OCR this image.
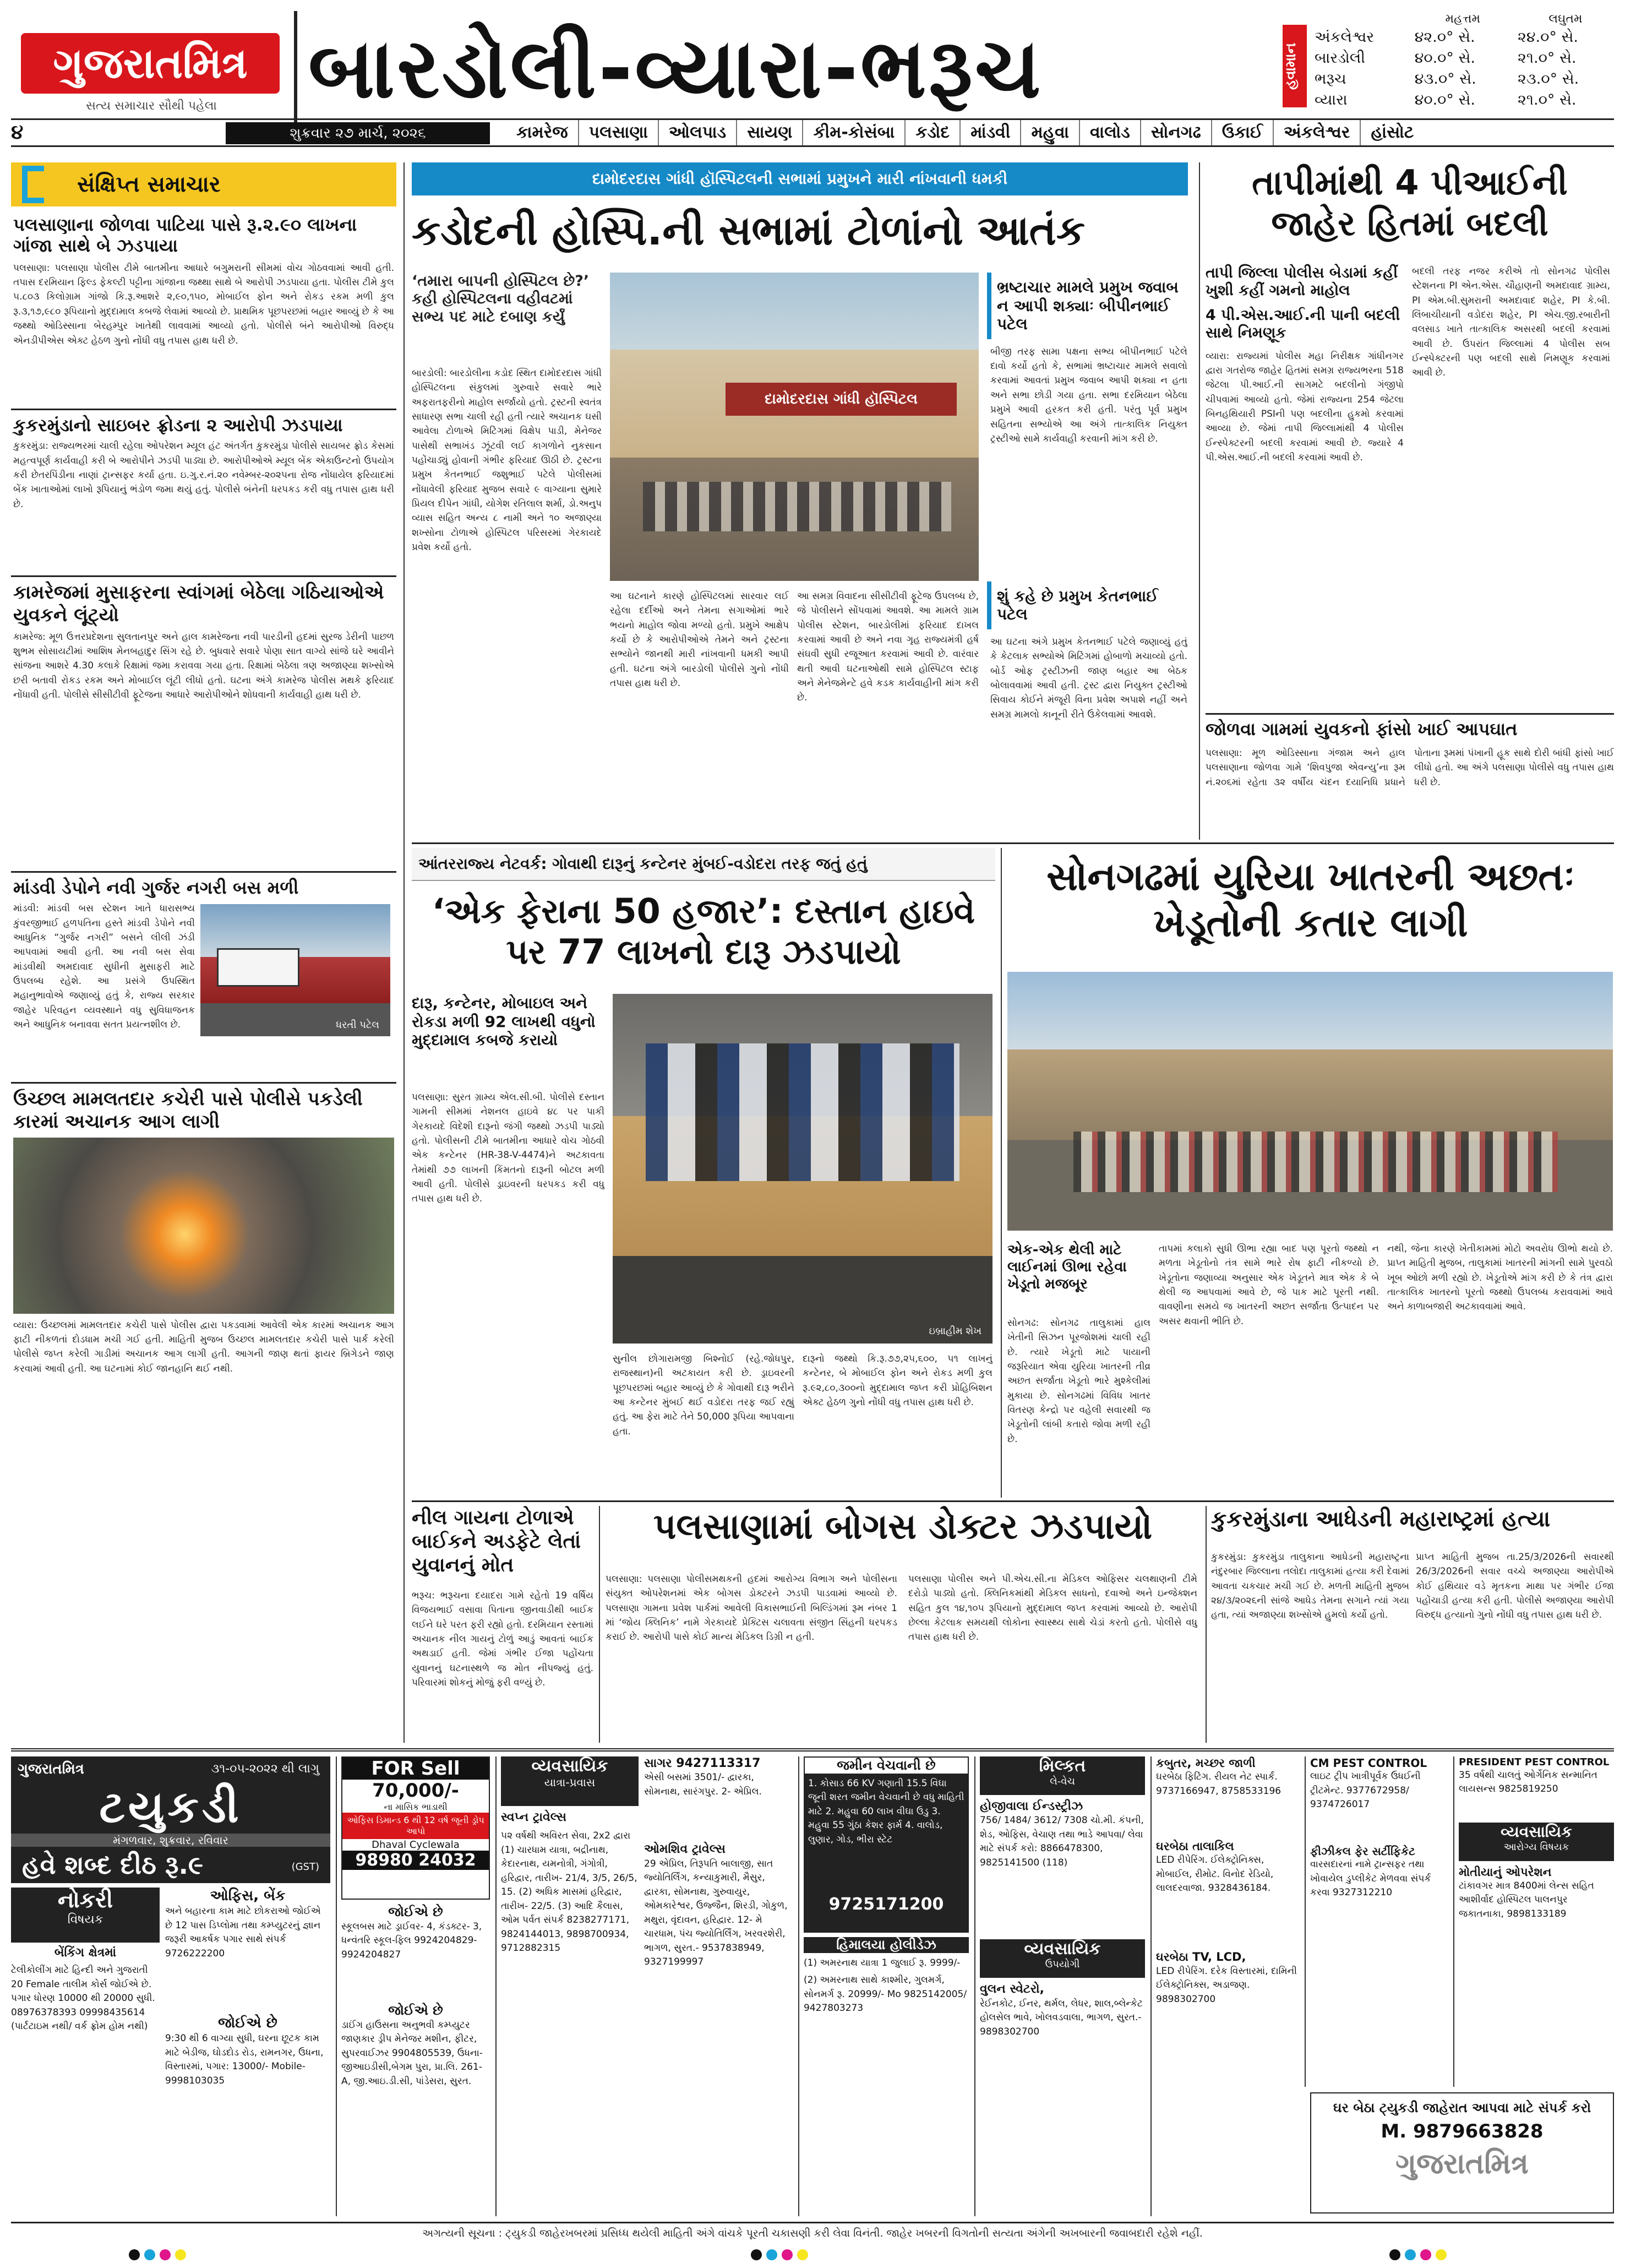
ગુજરાતમિત્ર
સત્ય સમાચાર સૌથી પહેલા	બારડોલી-વ્યારા-ભરૂચ	હવામાન
	મહત્તમ	લઘુતમ
અંકલેશ્વર	૪૨.૦° સે.	૨૪.૦° સે.
બારડોલી	૪૦.૦° સે.	૨૧.૦° સે.
ભરૂચ	૪૩.૦° સે.	૨૩.૦° સે.
વ્યારા	૪૦.૦° સે.	૨૧.૦° સે.
૪	શુક્રવાર ૨૭ માર્ચ, ૨૦૨૬	કામરેજ	પલસાણા	ઓલપાડ	સાયણ	કીમ-કોસંબા	કડોદ	માંડવી	મહુવા	વાલોડ	સોનગઢ	ઉકાઈ	અંકલેશ્વર	હાંસોટ
સંક્ષિપ્ત સમાચાર
પલસાણાના જોળવા પાટિયા પાસે રૂ.૨.૯૦ લાખના ગાંજા સાથે બે ઝડપાયા
પલસાણા: પલસાણા પોલીસ ટીમે બાતમીના આધારે બગુમરાની સીમમાં વોચ ગોઠવવામાં આવી હતી. તપાસ દરમિયાન ફિલ્ડ ફેકલ્ટી પટ્ટીના ગાંજાના જથ્થા સાથે બે આરોપી ઝડપાયા હતા. પોલીસ ટીમે કુલ ૫.૮૦૩ કિલોગ્રામ ગાંજો કિ.રૂ.આશરે ૨,૯૦,૧૫૦, મોબાઈલ ફોન અને રોકડ રકમ મળી કુલ રૂ.૩,૧૭,૯૮૦ રૂપિયાનો મુદ્દામાલ કબજે લેવામાં આવ્યો છે. પ્રાથમિક પૂછપરછમાં બહાર આવ્યું છે કે આ જથ્થો ઓડિસ્સાના બેરહમ્પુર ખાતેથી લાવવામાં આવ્યો હતો. પોલીસે બંને આરોપીઓ વિરુદ્ધ એનડીપીએસ એક્ટ હેઠળ ગુનો નોંધી વધુ તપાસ હાથ ધરી છે.
કુકરમુંડાનો સાઇબર ફ્રોડના ૨ આરોપી ઝડપાયા
કુકરમુંડા: રાજ્યભરમાં ચાલી રહેલા ઓપરેશન મ્યૂલ હંટ અંતર્ગત કુકરમુંડા પોલીસે સાયબર ફ્રોડ કેસમાં મહત્વપૂર્ણ કાર્યવાહી કરી બે આરોપીને ઝડપી પાડ્યા છે. આરોપીઓએ મ્યૂલ બેંક એકાઉન્ટનો ઉપયોગ કરી છેતરપિંડીના નાણાં ટ્રાન્સફર કર્યા હતા. ઇ.ગુ.ર.નં.૨૦ નવેમ્બર-૨૦૨૫ના રોજ નોંધાયેલ ફરિયાદમાં બેંક ખાતાઓમાં લાખો રૂપિયાનું ભંડોળ જમા થયું હતું. પોલીસે બંનેની ધરપકડ કરી વધુ તપાસ હાથ ધરી છે.
કામરેજમાં મુસાફરના સ્વાંગમાં બેઠેલા ગઠિયાઓએ યુવકને લૂંટ્યો
કામરેજ: મૂળ ઉત્તરપ્રદેશના સુલતાનપુર અને હાલ કામરેજના નવી પારડીની હદમાં સુરજ ડેરીની પાછળ શુભમ સોસાયટીમાં આશિષ મેનબહાદુર સિંગ રહે છે. બુધવારે સવારે પોણા સાત વાગ્યે સાંજે ઘરે આવીને સાંજના આશરે 4.30 કલાકે રિક્ષામાં જમા કરાવવા ગયા હતા. રિક્ષામાં બેઠેલા ત્રણ અજાણ્યા શખ્સોએ છરી બતાવી રોકડ રકમ અને મોબાઈલ લૂંટી લીધો હતો. ઘટના અંગે કામરેજ પોલીસ મથકે ફરિયાદ નોંધાવી હતી. પોલીસે સીસીટીવી ફૂટેજના આધારે આરોપીઓને શોધવાની કાર્યવાહી હાથ ધરી છે.
માંડવી ડેપોને નવી ગુર્જર નગરી બસ મળી
માંડવી: માંડવી બસ સ્ટેશન ખાતે ધારાસભ્ય કુંવરજીભાઈ હળપતિના હસ્તે માંડવી ડેપોને નવી આધુનિક “ગુર્જર નગરી” બસને લીલી ઝંડી આપવામાં આવી હતી. આ નવી બસ સેવા માંડવીથી અમદાવાદ સુધીની મુસાફરી માટે ઉપલબ્ધ રહેશે. આ પ્રસંગે ઉપસ્થિત મહાનુભાવોએ જણાવ્યું હતું કે, રાજ્ય સરકાર જાહેર પરિવહન વ્યવસ્થાને વધુ સુવિધાજનક અને આધુનિક બનાવવા સતત પ્રયત્નશીલ છે.	ધરતી પટેલ
ઉચ્છલ મામલતદાર કચેરી પાસે પોલીસે પકડેલી કારમાં અચાનક આગ લાગી
વ્યારા: ઉચ્છલમાં મામલતદાર કચેરી પાસે પોલીસ દ્વારા પકડવામાં આવેલી એક કારમાં અચાનક આગ ફાટી નીકળતાં દોડધામ મચી ગઈ હતી. માહિતી મુજબ ઉચ્છલ મામલતદાર કચેરી પાસે પાર્ક કરેલી પોલીસે જપ્ત કરેલી ગાડીમાં અચાનક આગ લાગી હતી. આગની જાણ થતાં ફાયર બ્રિગેડને જાણ કરવામાં આવી હતી. આ ઘટનામાં કોઈ જાનહાનિ થઈ નથી.
દામોદરદાસ ગાંધી હૉસ્પિટલની સભામાં પ્રમુખને મારી નાંખવાની ધમકી
કડોદની હોસ્પિ.ની સભામાં ટોળાંનો આતંક
‘તમારા બાપની હોસ્પિટલ છે?’ કહી હોસ્પિટલના વહીવટમાં સભ્ય પદ માટે દબાણ કર્યું
બારડોલી: બારડોલીના કડોદ સ્થિત દામોદરદાસ ગાંધી હોસ્પિટલના સંકુલમાં ગુરુવારે સવારે ભારે અફરાતફરીનો માહોલ સર્જાયો હતો. ટ્રસ્ટની સ્વતંત્ર સાધારણ સભા ચાલી રહી હતી ત્યારે અચાનક ઘસી આવેલા ટોળાએ મિટિંગમાં વિક્ષેપ પાડી, મેનેજર પાસેથી સભાખંડ ઝૂંટવી લઈ કાગળોને નુકસાન પહોંચાડ્યું હોવાની ગંભીર ફરિયાદ ઊઠી છે. ટ્રસ્ટના પ્રમુખ કેતનભાઈ જશુભાઈ પટેલે પોલીસમાં નોંધાવેલી ફરિયાદ મુજબ સવારે ૯ વાગ્યાના સુમારે પ્રિયલ દીપેન ગાંધી, યોગેશ રતિલાલ શર્મા, ડો.અનુપ વ્યાસ સહિત અન્ય ૮ નામી અને ૧૦ અજાણ્યા શખ્સોના ટોળાએ હોસ્પિટલ પરિસરમાં ગેરકાયદે પ્રવેશ કર્યો હતો.
દામોદરદાસ ગાંધી હૉસ્પિટલ
આ ઘટનાને કારણે હોસ્પિટલમાં સારવાર લઈ રહેલા દર્દીઓ અને તેમના સગાઓમાં ભારે ભયનો માહોલ જોવા મળ્યો હતો. પ્રમુખે આક્ષેપ કર્યો છે કે આરોપીઓએ તેમને અને ટ્રસ્ટના સભ્યોને જાનથી મારી નાંખવાની ધમકી આપી હતી. ઘટના અંગે બારડોલી પોલીસે ગુનો નોંધી તપાસ હાથ ધરી છે.
આ સમગ્ર વિવાદના સીસીટીવી ફૂટેજ ઉપલબ્ધ છે, જે પોલીસને સોંપવામાં આવશે. આ મામલે ગ્રામ પોલીસ સ્ટેશન, બારડોલીમાં ફરિયાદ દાખલ કરવામાં આવી છે અને નવા ગૃહ રાજ્યમંત્રી હર્ષ સંઘવી સુધી રજૂઆત કરવામાં આવી છે. વારંવાર થતી આવી ઘટનાઓથી સામે હોસ્પિટલ સ્ટાફ અને મેનેજમેન્ટે હવે કડક કાર્યવાહીની માંગ કરી છે.
ભ્રષ્ટાચાર મામલે પ્રમુખ જવાબ ન આપી શક્યાઃ બીપીનભાઈ પટેલ
બીજી તરફ સામા પક્ષના સભ્ય બીપીનભાઈ પટેલે દાવો કર્યો હતો કે, સભામાં ભ્રષ્ટાચાર મામલે સવાલો કરવામાં આવતાં પ્રમુખ જવાબ આપી શક્યા ન હતા અને સભા છોડી ગયા હતા. સભા દરમિયાન બેઠેલા પ્રમુખે આવી હરકત કરી હતી. પરંતુ પૂર્વ પ્રમુખ સહિતના સભ્યોએ આ અંગે તાત્કાલિક નિયુક્ત ટ્રસ્ટીઓ સામે કાર્યવાહી કરવાની માંગ કરી છે.
શું કહે છે પ્રમુખ કેતનભાઈ પટેલ
આ ઘટના અંગે પ્રમુખ કેતનભાઈ પટેલે જણાવ્યું હતું કે કેટલાક સભ્યોએ મિટિંગમાં હોબાળો મચાવ્યો હતો. બોર્ડ ઓફ ટ્રસ્ટીઝની જાણ બહાર આ બેઠક બોલાવવામાં આવી હતી. ટ્રસ્ટ દ્વારા નિયુક્ત ટ્રસ્ટીઓ સિવાય કોઈને મંજૂરી વિના પ્રવેશ અપાશે નહીં અને સમગ્ર મામલો કાનૂની રીતે ઉકેલવામાં આવશે.
તાપીમાંથી 4 પીઆઈની જાહેર હિતમાં બદલી
તાપી જિલ્લા પોલીસ બેડામાં કહીં ખુશી કહીં ગમનો માહોલ
4 પી.એસ.આઈ.ની પાની બદલી સાથે નિમણૂક
વ્યારા: રાજ્યમાં પોલીસ મહા નિરીક્ષક ગાંધીનગર દ્વારા ગતરોજ જાહેર હિતમાં સમગ્ર રાજ્યભરના 518 જેટલા પી.આઈ.ની સાગમટે બદલીનો ગંજીપો ચીપવામાં આવ્યો હતો. જેમાં રાજ્યના 254 જેટલા બિનહથિયારી PSIની પણ બદલીના હુકમો કરવામાં આવ્યા છે. જેમાં તાપી જિલ્લામાંથી 4 પોલીસ ઈન્સ્પેક્ટરની બદલી કરવામાં આવી છે. જ્યારે 4 પી.એસ.આઈ.ની બદલી કરવામાં આવી છે.
બદલી તરફ નજર કરીએ તો સોનગઢ પોલીસ સ્ટેશનના PI એન.એસ. ચૌહાણની અમદાવાદ ગ્રામ્ય, PI એમ.બી.સુમરાની અમદાવાદ શહેર, PI કે.બી. લિંબાચીયાની વડોદરા શહેર, PI એચ.જી.રબારીની વલસાડ ખાતે તાત્કાલિક અસરથી બદલી કરવામાં આવી છે. ઉપરાંત જિલ્લામાં 4 પોલીસ સબ ઈન્સ્પેક્ટરની પણ બદલી સાથે નિમણૂક કરવામાં આવી છે.
જોળવા ગામમાં યુવકનો ફાંસો ખાઈ આપઘાત
પલસાણા: મૂળ ઓડિસ્સાના ગંજામ અને હાલ પલસાણાના જોળવા ગામે ‘શિવપુજા એવન્યુ’ના રૂમ નં.૨૦૬માં રહેતા ૩૨ વર્ષીય ચંદન દયાનિધિ પ્રધાને પોતાના રૂમમાં પંખાની હૂક સાથે દોરી બાંધી ફાંસો ખાઈ લીધો હતો. આ અંગે પલસાણા પોલીસે વધુ તપાસ હાથ ધરી છે.
આંતરરાજ્ય નેટવર્ક: ગોવાથી દારૂનું કન્ટેનર મુંબઈ-વડોદરા તરફ જતું હતું
‘એક ફેરાના 50 હજાર’: દસ્તાન હાઇવે પર 77 લાખનો દારૂ ઝડપાયો
દારૂ, કન્ટેનર, મોબાઇલ અને રોકડા મળી 92 લાખથી વધુનો મુદ્દામાલ કબજે કરાયો
પલસાણા: સુરત ગ્રામ્ય એલ.સી.બી. પોલીસે દસ્તાન ગામની સીમમાં નેશનલ હાઇવે ૪૮ પર પાકી ગેરકાયદે વિદેશી દારૂનો જંગી જથ્થો ઝડપી પાડ્યો હતો. પોલીસની ટીમે બાતમીના આધારે વોચ ગોઠવી એક કન્ટેનર (HR-38-V-4474)ને અટકાવતા તેમાંથી ૭૭ લાખની કિંમતનો દારૂની બોટલ મળી આવી હતી. પોલીસે ડ્રાઇવરની ધરપકડ કરી વધુ તપાસ હાથ ધરી છે.
ઇબ્રાહીમ શેખ
સુનીલ છોગારામજી બિશ્નોઈ (રહે.જોધપુર, રાજસ્થાન)ની અટકાયત કરી છે. ડ્રાઇવરની પૂછપરછમાં બહાર આવ્યું છે કે ગોવાથી દારૂ ભરીને આ કન્ટેનર મુંબઈ થઈ વડોદરા તરફ જઈ રહ્યું હતું. આ ફેરા માટે તેને 50,000 રૂપિયા આપવાના હતા.
દારૂનો જથ્થો કિ.રૂ.૭૭,૨૫,૬૦૦, ૫૧ લાખનું કન્ટેનર, બે મોબાઈલ ફોન અને રોકડ મળી કુલ રૂ.૯૨,૮૦,૩૦૦નો મુદ્દામાલ જપ્ત કરી પ્રોહિબિશન એક્ટ હેઠળ ગુનો નોંધી વધુ તપાસ હાથ ધરી છે.
સોનગઢમાં યુરિયા ખાતરની અછતઃ ખેડૂતોની કતાર લાગી
એક-એક થેલી માટે લાઈનમાં ઊભા રહેવા ખેડૂતો મજબૂર
સોનગઢ: સોનગઢ તાલુકામાં હાલ ખેતીની સિઝન પૂરજોશમાં ચાલી રહી છે. ત્યારે ખેડૂતો માટે પાયાની જરૂરિયાત એવા યુરિયા ખાતરની તીવ્ર અછત સર્જાતા ખેડૂતો ભારે મુશ્કેલીમાં મુકાયા છે. સોનગઢમાં વિવિધ ખાતર વિતરણ કેન્દ્રો પર વહેલી સવારથી જ ખેડૂતોની લાંબી કતારો જોવા મળી રહી છે.
તાપમાં કલાકો સુધી ઊભા રહ્યા બાદ પણ પૂરતો જથ્થો ન મળતા ખેડૂતોનો તંત્ર સામે ભારે રોષ ફાટી નીકળ્યો છે. ખેડૂતોના જણાવ્યા અનુસાર એક ખેડૂતને માત્ર એક કે બે થેલી જ આપવામાં આવે છે, જે પાક માટે પૂરતી નથી. વાવણીના સમયે જ ખાતરની અછત સર્જાતા ઉત્પાદન પર અસર થવાની ભીતિ છે.
નથી, જેના કારણે ખેતીકામમાં મોટો અવરોધ ઊભો થયો છે. પ્રાપ્ત માહિતી મુજબ, તાલુકામાં ખાતરની માંગની સામે પુરવઠો ખૂબ ઓછો મળી રહ્યો છે. ખેડૂતોએ માંગ કરી છે કે તંત્ર દ્વારા તાત્કાલિક ખાતરનો પૂરતો જથ્થો ઉપલબ્ધ કરાવવામાં આવે અને કાળાબજારી અટકાવવામાં આવે.
નીલ ગાયના ટોળાએ બાઈકને અડફેટે લેતાં યુવાનનું મોત
ભરૂચ: ભરૂચના દયાદરા ગામે રહેતો 19 વર્ષિય વિજયભાઈ વસાવા પિતાના જીનવાડીથી બાઈક લઈને ઘરે પરત ફરી રહ્યો હતો. દરમિયાન રસ્તામાં અચાનક નીલ ગાયનું ટોળું આડું આવતાં બાઈક અથડાઈ હતી. જેમાં ગંભીર ઈજા પહોંચતા યુવાનનું ઘટનાસ્થળે જ મોત નીપજ્યું હતું. પરિવારમાં શોકનું મોજું ફરી વળ્યું છે.
પલસાણામાં બોગસ ડોક્ટર ઝડપાયો
પલસાણા: પલસાણા પોલીસમથકની હદમાં આરોગ્ય વિભાગ અને પોલીસના સંયુક્ત ઓપરેશનમાં એક બોગસ ડોક્ટરને ઝડપી પાડવામાં આવ્યો છે. પલસાણા ગામના પ્રવેશ પાર્કમાં આવેલી વિકાસભાઈની બિલ્ડિંગમાં રૂમ નંબર 1 માં ‘જોય ક્લિનિક’ નામે ગેરકાયદે પ્રેક્ટિસ ચલાવતા સંજીત સિંહની ધરપકડ કરાઈ છે. આરોપી પાસે કોઈ માન્ય મેડિકલ ડિગ્રી ન હતી.
પલસાણા પોલીસ અને પી.એચ.સી.ના મેડિકલ ઓફિસર ચલથાણની ટીમે દરોડો પાડ્યો હતો. ક્લિનિકમાંથી મેડિકલ સાધનો, દવાઓ અને ઇન્જેક્શન સહિત કુલ ૧૪,૧૦૫ રૂપિયાનો મુદ્દામાલ જપ્ત કરવામાં આવ્યો છે. આરોપી છેલ્લા કેટલાક સમયથી લોકોના સ્વાસ્થ્ય સાથે ચેડાં કરતો હતો. પોલીસે વધુ તપાસ હાથ ધરી છે.
કુકરમુંડાના આધેડની મહારાષ્ટ્રમાં હત્યા
કુકરમુંડા: કુકરમુંડા તાલુકાના આધેડની મહારાષ્ટ્રના નંદુરબાર જિલ્લાના તલોદા તાલુકામાં હત્યા કરી દેવામાં આવતા ચકચાર મચી ગઈ છે. મળતી માહિતી મુજબ ૨૪/૩/૨૦૨૬ની સાંજે આધેડ તેમના સગાને ત્યાં ગયા હતા, ત્યાં અજાણ્યા શખ્સોએ હુમલો કર્યો હતો.
પ્રાપ્ત માહિતી મુજબ તા.25/3/2026ની સવારથી 26/3/2026ની સવાર વચ્ચે અજાણ્યા આરોપીએ કોઈ હથિયાર વડે મૃતકના માથા પર ગંભીર ઈજા પહોંચાડી હત્યા કરી હતી. પોલીસે અજાણ્યા આરોપી વિરુદ્ધ હત્યાનો ગુનો નોંધી વધુ તપાસ હાથ ધરી છે.
ગુજરાતમિત્ર	૩૧-૦૫-૨૦૨૨ થી લાગુ
ટયુકડી
મંગળવાર, શુક્રવાર, રવિવાર
હવે શબ્દ દીઠ રૂ.૯	(GST)
નોકરી
વિષયક
બેંકિંગ ક્ષેત્રમાં
ટેલીકોલીંગ માટે હિન્દી અને ગુજરાતી 20 Female તાલીમ કોર્સ જોઈએ છે. પગાર ધોરણ 10000 થી 20000 સુધી. 08976378393 09998435614 (પાર્ટટાઇમ નથી/ વર્ક ફ્રોમ હોમ નથી)
ઓફિસ, બેંક
અને બહારના કામ માટે છોકરાઓ જોઈએ છે 12 પાસ ડિપ્લોમા તથા કમ્પ્યુટરનું જ્ઞાન જરૂરી આકર્ષક પગાર સાથે સંપર્ક 9726222200
જોઈએ છે
9:30 થી 6 વાગ્યા સુધી, ઘરના છૂટક કામ માટે બેડીજ, ઘોડદોડ રોડ, રામનગર, ઉધના, વિસ્તારમાં, પગાર: 13000/- Mobile- 9998103035
FOR Sell
70,000/-
ના માસિક ભાડાથી
ઓફિસ ડિમાન્ડ 6 થી 12 વર્ષ જૂની ડ્રોપ આપો
Dhaval Cyclewala
98980 24032
જોઈએ છે
સ્કૂલબસ માટે ડ્રાઈવર- 4, કંડક્ટર- 3, ધન્વંતરિ સ્કૂલ-ફિલ 9924204829- 9924204827
જોઈએ છે
ડાઈંગ હાઉસના અનુભવી કમ્પ્યુટર જાણકાર ડ્રીપ મેનેજર મશીન, ફીટર, સુપરવાઈઝર 9904805539, ઉધના-જીઆઇડીસી,બેગમ પુરા, પ્રા.લિ. 261-A, જી.આઇ.ડી.સી, પાંડેસરા, સુરત.
વ્યવસાયિક
યાત્રા-પ્રવાસ
સ્વપ્ન ટ્રાવેલ્સ
૫૨ વર્ષથી અવિરત સેવા, 2x2 દ્વારા (1) ચારધામ યાત્રા, બદ્રીનાથ, કેદારનાથ, યમનોત્રી, ગંગોત્રી, હરિદ્વાર, તારીખ- 21/4, 3/5, 26/5, 15. (2) અધિક માસમાં હરિદ્વાર, તારીખ- 22/5. (3) આદિ કૈલાસ, ઓમ પર્વત સંપર્ક 8238277171, 9824144013, 9898700934, 9712882315
સાગર 9427113317
એસી બસમાં 3501/- દ્વારકા, સોમનાથ, સારંગપુર. 2- એપ્રિલ.
ઓમશિવ ટ્રાવેલ્સ
29 એપ્રિલ, તિરૂપતિ બાલાજી, સાત જ્યોતિર્લિંગ, કન્યાકુમારી, મૈસુર, દ્વારકા, સોમનાથ, ગુરુવાયુર, ઓમકારેશ્વર, ઉજ્જૈન, શિરડી, ગોકુળ, મથુરા, વૃંદાવન, હરિદ્વાર. 12- મે ચારધામ, પંચ જ્યોતિર્લિંગ, ખરવરશેરી, ભાગળ, સુરત.- 9537838949, 9327199997
જમીન વેચવાની છે
1. કોસાડ 66 KV ગણાતી 15.5 વિઘા જૂની શરત જમીન વેચવાની છે વધુ માહિતી માટે 2. મહુવા 60 લાખ વીઘા ઉડુ 3. મહુવા 55 ગુંઠા કેશર ફાર્મ 4. વાલોડ, લુણાર, ગોડ, ભીરા સ્ટેટ
9725171200
હિમાલયા હોલીડેઝ
(1) અમરનાથ યાત્રા 1 જુલાઈ રૂ. 9999/-
(2) અમરનાથ સાથે કાશ્મીર, ગુલમર્ગ, સોનમર્ગ રૂ. 20999/- Mo 9825142005/ 9427803273
મિલ્કત
લે-વેચ
હોજીવાલા ઈન્ડસ્ટ્રીઝ
756/ 1484/ 3612/ 7308 ચો.મી. કંપની, શેડ, ઓફિસ, વેચાણ તથા ભાડે આપવા/ લેવા માટે સંપર્ક કરો: 8866478300, 9825141500 (118)
વ્યવસાયિક
ઉપયોગી
વુલન સ્વેટરો,
રેઈનકોટ, ઈનર, થર્મલ, લેધર, શાલ,બ્લેન્કેટ હોલસેલ ભાવે, ખોલવડવાલા, ભાગળ, સુરત.- 9898302700
કબુતર, મચ્છર જાળી
ઘરબેઠા ફિટિંગ. રીયલ નેટ સ્પાર્ક. 9737166947, 8758533196
ઘરબેઠા તાલાકિલ
LED રીપેરિંગ. ઈલેક્ટ્રોનિક્સ, મોબાઈલ, રીમોટ. વિનોદ રેડિયો, લાલદરવાજા. 9328436184.
ઘરબેઠા TV, LCD,
LED રીપેરિંગ. દરેક વિસ્તારમાં, દામિની ઈલેક્ટ્રોનિક્સ, અડાજણ. 9898302700
CM PEST CONTROL
લાઇટ ટ્રીપ ખાત્રીપૂર્વક ઉધઈની ટ્રીટમેન્ટ. 9377672958/ 9374726017
ફીઝીકલ ફેર સર્ટીફિકેટ
વારસદારનાં નામે ટ્રાન્સફર તથા ખોવાયેલ ડુપ્લીકેટ મેળવવા સંપર્ક કરવા 9327312210
PRESIDENT PEST CONTROL
35 વર્ષથી ચાલતું ઓર્ગેનિક સન્માનિત લાયસન્સ 9825819250
વ્યવસાયિક
આરોગ્ય વિષયક
મોતીયાનું ઓપરેશન
ટાંકાવગર માત્ર 8400માં લેન્સ સહિત આશીર્વાદ હોસ્પિટલ પાલનપુર જકાતનાકા, 9898133189
ઘર બેઠા ટ્યુકડી જાહેરાત આપવા માટે સંપર્ક કરો
M. 9879663828
ગુજરાતમિત્ર
અગત્યની સૂચના : ટ્યુકડી જાહેરખબરમાં પ્રસિધ્ધ થયેલી માહિતી અંગે વાંચકે પૂરતી ચકાસણી કરી લેવા વિનંતી. જાહેર ખબરની વિગતોની સત્યતા અંગેની અખબારની જવાબદારી રહેશે નહીં.
